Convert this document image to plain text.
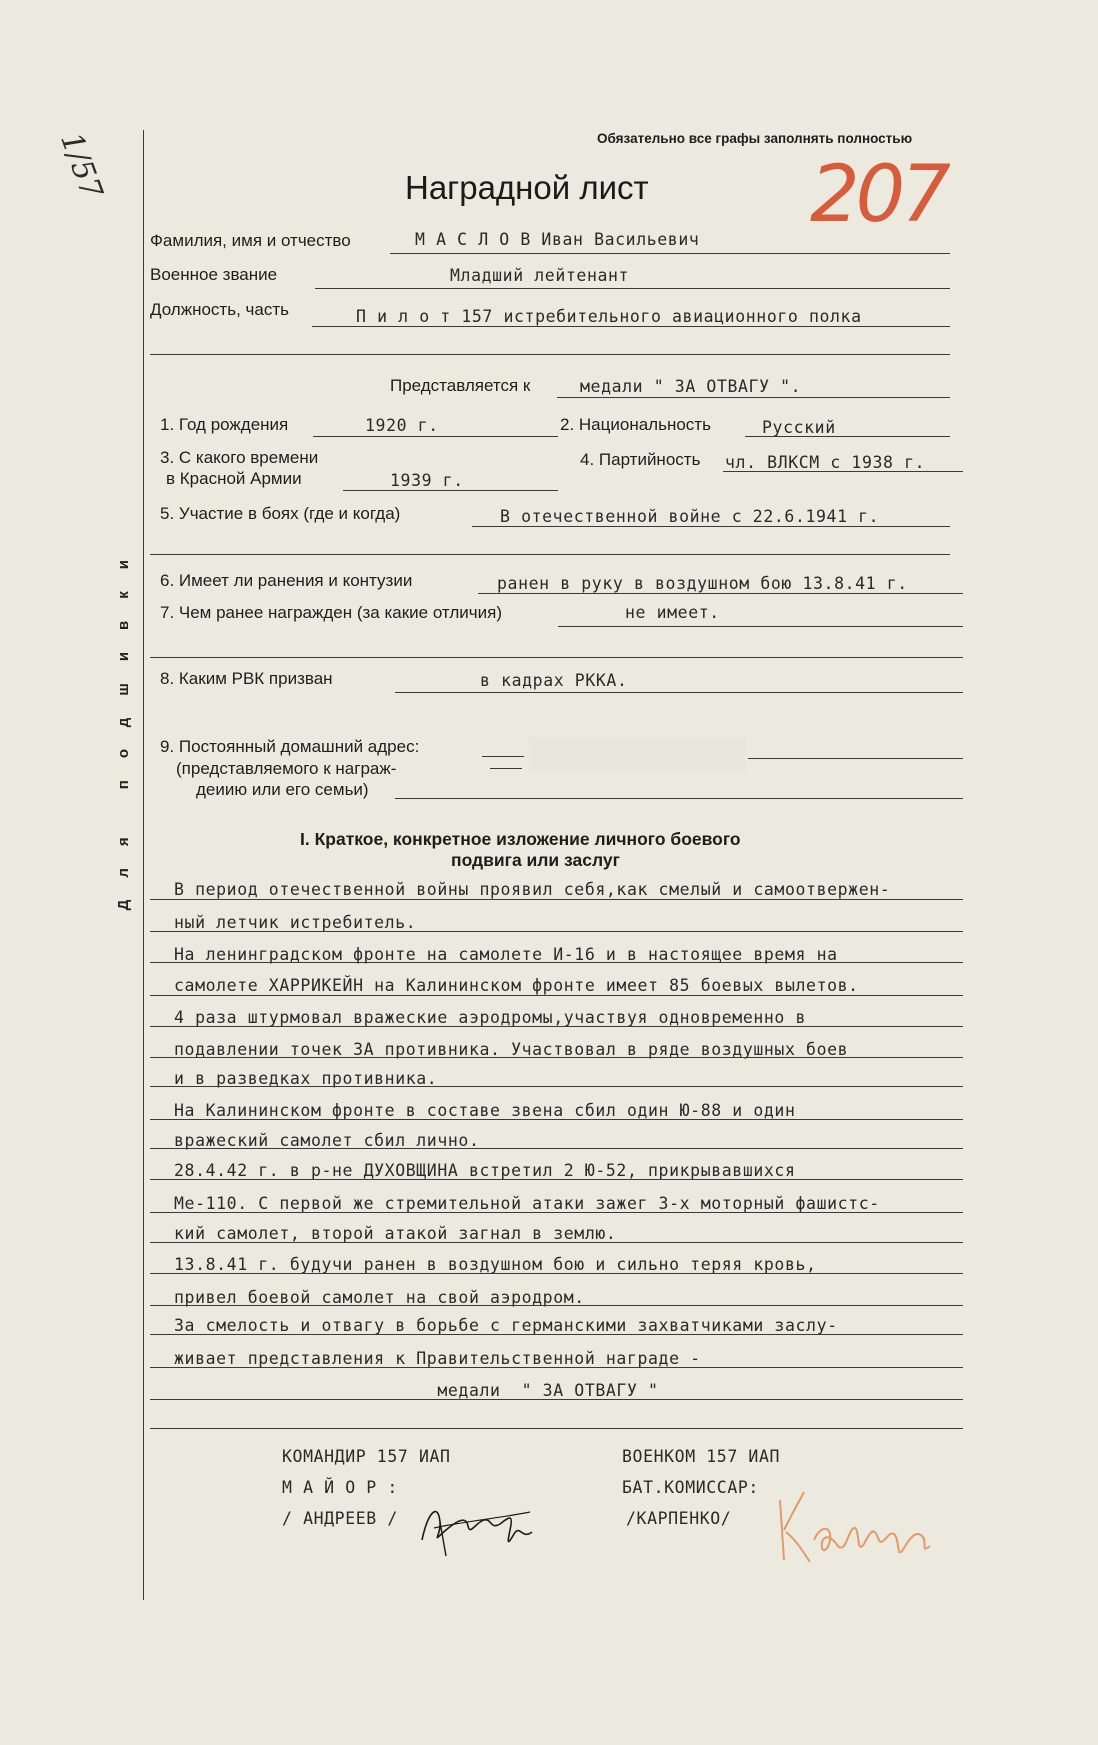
Для подшивки
1/57	Обязательно все графы заполнять полностью
Наградной лист 207
Фамилия, имя и отчество	М А С Л О В Иван Васильевич
Военное звание	Младший лейтенант
Должность, часть	П и л о т 157 истребительного авиационного полка
Представляется к	медали " ЗА ОТВАГУ ".
1. Год рождения	1920 г.	2. Национальность	Русский
3. С какого времени
в Красной Армии	1939 г.
4. Партийность чл. ВЛКСМ с 1938 г.
5. Участие в боях (где и когда)	В отечественной войне с 22.6.1941 г.
6. Имеет ли ранения и контузии	ранен в руку в воздушном бою 13.8.41 г.
7. Чем ранее награжден (за какие отличия)	не имеет.
8. Каким РВК призван	в кадрах РККА.
9. Постоянный домашний адрес:
(представляемого к награж-
деиию или его семьи)
I. Краткое, конкретное изложение личного боевого
подвига или заслуг
В период отечественной войны проявил себя,как смелый и самоотвержен-
ный летчик истребитель.
На ленинградском фронте на самолете И-16 и в настоящее время на
самолете ХАРРИКЕЙН на Калининском фронте имеет 85 боевых вылетов.
4 раза штурмовал вражеские аэродромы,участвуя одновременно в
подавлении точек ЗА противника. Участвовал в ряде воздушных боев
и в разведках противника.
На Калининском фронте в составе звена сбил один Ю-88 и один
вражеский самолет сбил лично.
28.4.42 г. в р-не ДУХОВЩИНА встретил 2 Ю-52, прикрывавшихся
Ме-110. С первой же стремительной атаки зажег 3-х моторный фашистс-
кий самолет, второй атакой загнал в землю.
13.8.41 г. будучи ранен в воздушном бою и сильно теряя кровь,
привел боевой самолет на свой аэродром.
За смелость и отвагу в борьбе с германскими захватчиками заслу-
живает представления к Правительственной награде -
медали  " ЗА ОТВАГУ "
КОМАНДИР 157 ИАП
М А Й О Р :
/ АНДРЕЕВ /
ВОЕНКОМ 157 ИАП
БАТ.КОМИССАР:
/КАРПЕНКО/
